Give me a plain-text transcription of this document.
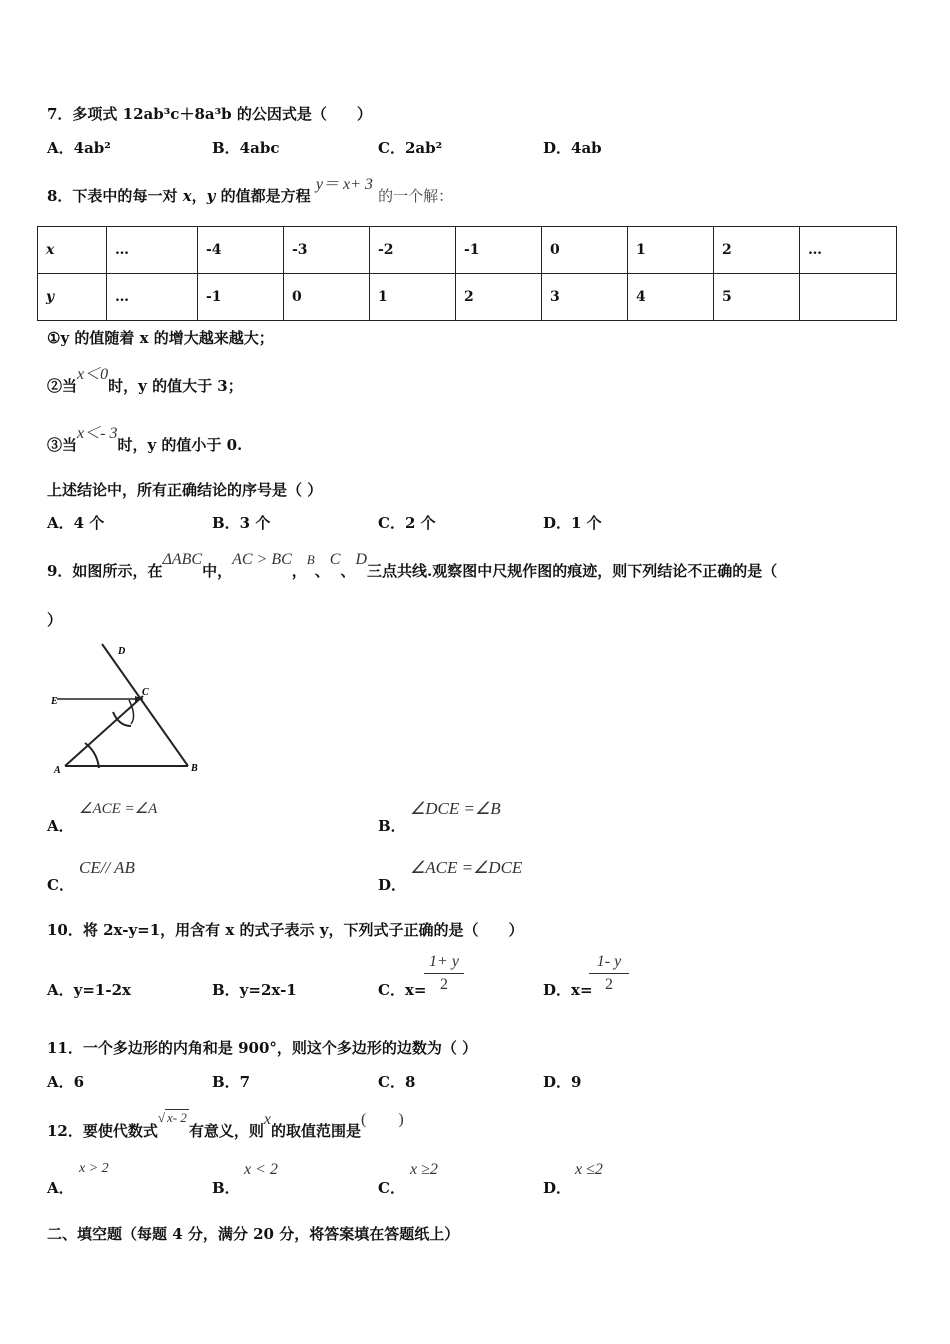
7．多项式 12ab³c＋8a³b 的公因式是（　　）
A．4ab²	B．4abc	C．2ab²	D．4ab
8．下表中的每一对 x，y 的值都是方程 y＝ x+ 3 的一个解：
x	…	-4	-3	-2	-1	0	1	2	…
y	…	-1	0	1	2	3	4	5	
①y 的值随着 x 的增大越来越大；
②当x＜0时，y 的值大于 3；
③当x＜- 3时，y 的值小于 0.
上述结论中，所有正确结论的序号是（ ）
A．4 个	B．3 个	C．2 个	D．1 个
9．如图所示，在ΔABC中，AC > BC，B、C、D三点共线.观察图中尺规作图的痕迹，则下列结论不正确的是（
）
D
E
C
A	B
A．
∠ACE =∠A
B．
∠DCE =∠B
C．
CE// AB
D．
∠ACE =∠DCE
10．将 2x-y=1，用含有 x 的式子表示 y，下列式子正确的是（　　）
A．y=1-2x	B．y=2x-1	C．x=
$\frac{1+ y}{2}$	D．x=
$\frac{1- y}{2}$
11．一个多边形的内角和是 900°，则这个多边形的边数为（ ）
A．6	B．7	C．8	D．9
12．要使代数式√ x- 2有意义，则x的取值范围是(　　)
A．
x > 2
B．
x < 2
C．
x ≥2
D．
x ≤2
二、填空题（每题 4 分，满分 20 分，将答案填在答题纸上）
